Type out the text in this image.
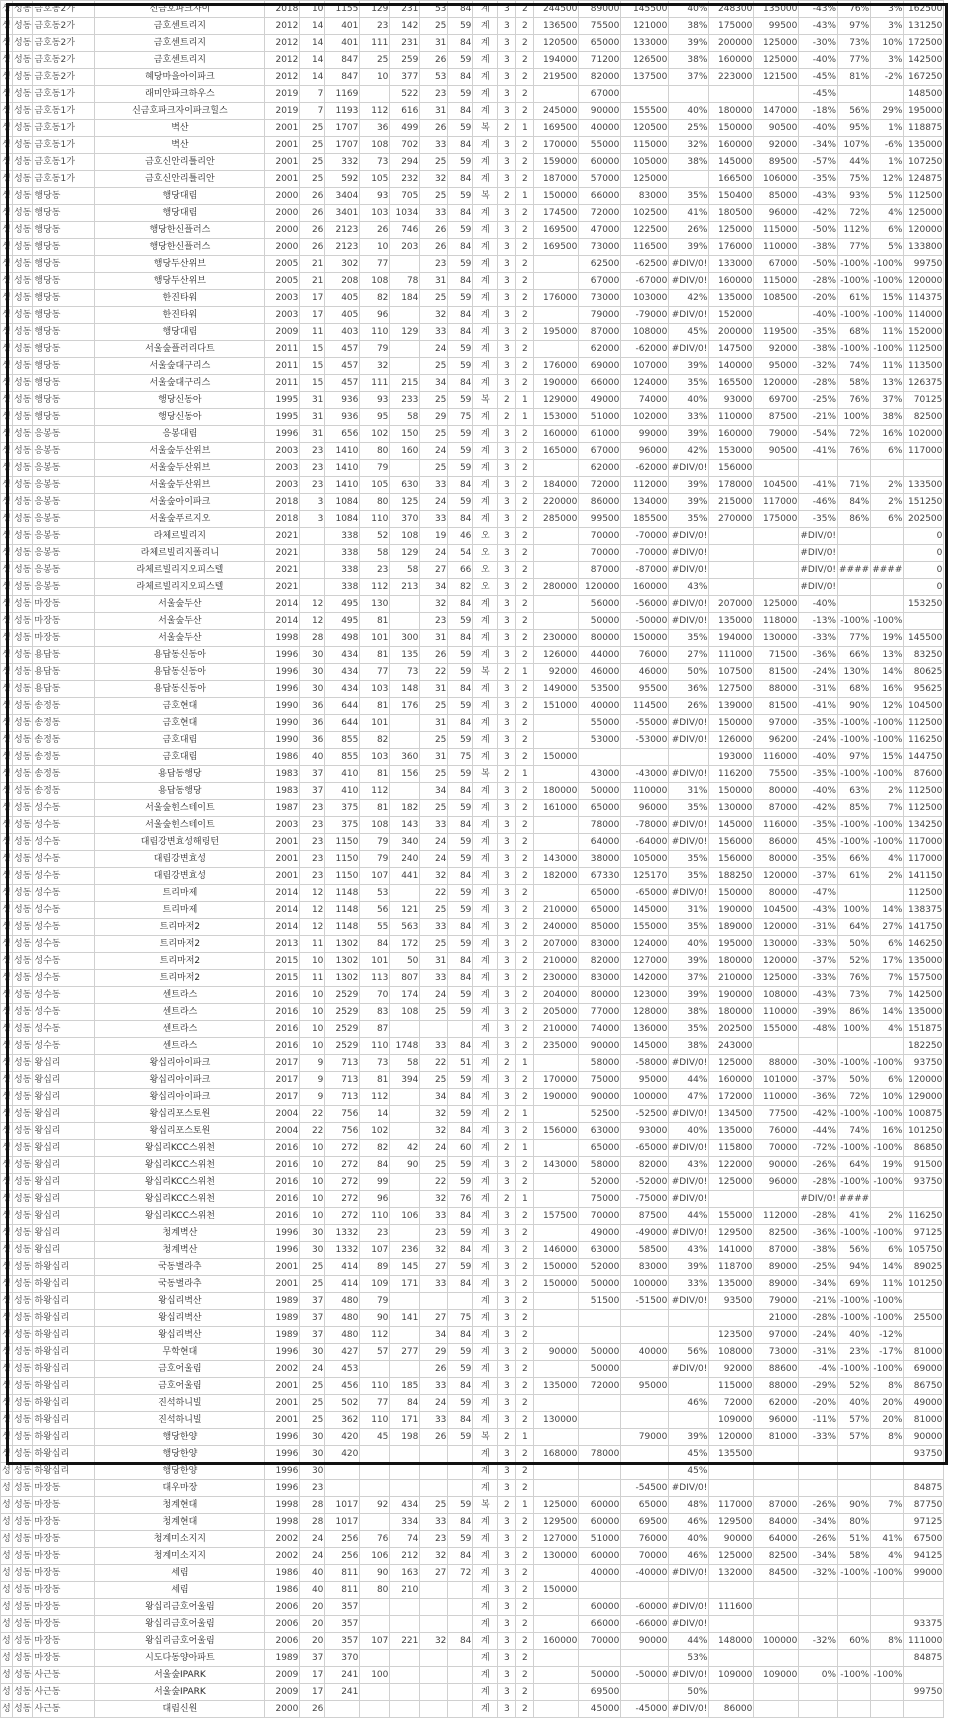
성	성동	금호동2가	신금호파크자이	2018	10	1155	129	231	53	84	계	3	2	244500	89000	145500	40%	248300	135000	-43%	76%	3%	162500
성	성동	금호동2가	금호센트리지	2012	14	401	23	142	25	59	계	3	2	136500	75500	121000	38%	175000	99500	-43%	97%	3%	131250
성	성동	금호동2가	금호센트리지	2012	14	401	111	231	31	84	계	3	2	120500	65000	133000	39%	200000	125000	-30%	73%	10%	172500
성	성동	금호동2가	금호센트리지	2012	14	847	25	259	26	59	계	3	2	194000	71200	126500	38%	160000	125000	-40%	77%	3%	142500
성	성동	금호동2가	혜당마을아이파크	2012	14	847	10	377	53	84	계	3	2	219500	82000	137500	37%	223000	121500	-45%	81%	-2%	167250
성	성동	금호동1가	래미안파크하우스	2019	7	1169		522	23	59	계	3	2		67000					-45%			148500
성	성동	금호동1가	신금호파크자이파크힐스	2019	7	1193	112	616	31	84	계	3	2	245000	90000	155500	40%	180000	147000	-18%	56%	29%	195000
성	성동	금호동1가	벽산	2001	25	1707	36	499	26	59	복	2	1	169500	40000	120500	25%	150000	90500	-40%	95%	1%	118875
성	성동	금호동1가	벽산	2001	25	1707	108	702	33	84	계	3	2	170000	55000	115000	32%	160000	92000	-34%	107%	-6%	135000
성	성동	금호동1가	금호신안리틀리안	2001	25	332	73	294	25	59	계	3	2	159000	60000	105000	38%	145000	89500	-57%	44%	1%	107250
성	성동	금호동1가	금호신안리틀리안	2001	25	592	105	232	32	84	계	3	2	187000	57000	125000		166500	106000	-35%	75%	12%	124875
성	성동	행당동	행당대림	2000	26	3404	93	705	25	59	복	2	1	150000	66000	83000	35%	150400	85000	-43%	93%	5%	112500
성	성동	행당동	행당대림	2000	26	3401	103	1034	33	84	계	3	2	174500	72000	102500	41%	180500	96000	-42%	72%	4%	125000
성	성동	행당동	행당한신플러스	2000	26	2123	26	746	26	59	계	3	2	169500	47000	122500	26%	125000	115000	-50%	112%	6%	120000
성	성동	행당동	행당한신플러스	2000	26	2123	10	203	26	84	계	3	2	169500	73000	116500	39%	176000	110000	-38%	77%	5%	133800
성	성동	행당동	행당두산위브	2005	21	302	77		23	59	계	3	2		62500	-62500	#DIV/0!	133000	67000	-50%	-100%	-100%	99750
성	성동	행당동	행당두산위브	2005	21	208	108	78	31	84	계	3	2		67000	-67000	#DIV/0!	160000	115000	-28%	-100%	-100%	120000
성	성동	행당동	한진타워	2003	17	405	82	184	25	59	계	3	2	176000	73000	103000	42%	135000	108500	-20%	61%	15%	114375
성	성동	행당동	한진타워	2003	17	405	96		32	84	계	3	2		79000	-79000	#DIV/0!	152000		-40%	-100%	-100%	114000
성	성동	행당동	행당대림	2009	11	403	110	129	33	84	계	3	2	195000	87000	108000	45%	200000	119500	-35%	68%	11%	152000
성	성동	행당동	서울숲플러리다트	2011	15	457	79		24	59	계	3	2		62000	-62000	#DIV/0!	147500	92000	-38%	-100%	-100%	112500
성	성동	행당동	서울숲대구리스	2011	15	457	32		25	59	계	3	2	176000	69000	107000	39%	140000	95000	-32%	74%	11%	113500
성	성동	행당동	서울숲대구리스	2011	15	457	111	215	34	84	계	3	2	190000	66000	124000	35%	165500	120000	-28%	58%	13%	126375
성	성동	행당동	행당신동아	1995	31	936	93	233	25	59	복	2	1	129000	49000	74000	40%	93000	69700	-25%	76%	37%	70125
성	성동	행당동	행당신동아	1995	31	936	95	58	29	75	계	2	1	153000	51000	102000	33%	110000	87500	-21%	100%	38%	82500
성	성동	응봉동	응봉대림	1996	31	656	102	150	25	59	계	3	2	160000	61000	99000	39%	160000	79000	-54%	72%	16%	102000
성	성동	응봉동	서울숲두산위브	2003	23	1410	80	160	24	59	계	3	2	165000	67000	96000	42%	153000	90500	-41%	76%	6%	117000
성	성동	응봉동	서울숲두산위브	2003	23	1410	79		25	59	계	3	2		62000	-62000	#DIV/0!	156000					
성	성동	응봉동	서울숲두산위브	2003	23	1410	105	630	33	84	계	3	2	184000	72000	112000	39%	178000	104500	-41%	71%	2%	133500
성	성동	응봉동	서울숲아이파크	2018	3	1084	80	125	24	59	계	3	2	220000	86000	134000	39%	215000	117000	-46%	84%	2%	151250
성	성동	응봉동	서울숲푸르지오	2018	3	1084	110	370	33	84	계	3	2	285000	99500	185500	35%	270000	175000	-35%	86%	6%	202500
성	성동	응봉동	라체르빌리지	2021		338	52	108	19	46	오	3	2		70000	-70000	#DIV/0!			#DIV/0!			0
성	성동	응봉동	라체르빌리지폴리니	2021		338	58	129	24	54	오	3	2		70000	-70000	#DIV/0!			#DIV/0!			0
성	성동	응봉동	라체르빌리지오피스텔	2021		338	23	58	27	66	오	3	2		87000	-87000	#DIV/0!			#DIV/0!	####	####	0
성	성동	응봉동	라체르빌리지오피스텔	2021		338	112	213	34	82	오	3	2	280000	120000	160000	43%			#DIV/0!			0
성	성동	마장동	서울숲두산	2014	12	495	130		32	84	계	3	2		56000	-56000	#DIV/0!	207000	125000	-40%			153250
성	성동	마장동	서울숲두산	2014	12	495	81		23	59	계	3	2		50000	-50000	#DIV/0!	135000	118000	-13%	-100%	-100%	
성	성동	마장동	서울숲두산	1998	28	498	101	300	31	84	계	3	2	230000	80000	150000	35%	194000	130000	-33%	77%	19%	145500
성	성동	용답동	용답동신동아	1996	30	434	81	135	26	59	계	3	2	126000	44000	76000	27%	111000	71500	-36%	66%	13%	83250
성	성동	용답동	용답동신동아	1996	30	434	77	73	22	59	복	2	1	92000	46000	46000	50%	107500	81500	-24%	130%	14%	80625
성	성동	용답동	용답동신동아	1996	30	434	103	148	31	84	계	3	2	149000	53500	95500	36%	127500	88000	-31%	68%	16%	95625
성	성동	송정동	금호현대	1990	36	644	81	176	25	59	계	3	2	151000	40000	114500	26%	139000	81500	-41%	90%	12%	104500
성	성동	송정동	금호현대	1990	36	644	101		31	84	계	3	2		55000	-55000	#DIV/0!	150000	97000	-35%	-100%	-100%	112500
성	성동	송정동	금호대림	1990	36	855	82		25	59	계	3	2		53000	-53000	#DIV/0!	126000	96200	-24%	-100%	-100%	116250
성	성동	송정동	금호대림	1986	40	855	103	360	31	75	계	3	2	150000				193000	116000	-40%	97%	15%	144750
성	성동	송정동	용답동행당	1983	37	410	81	156	25	59	복	2	1		43000	-43000	#DIV/0!	116200	75500	-35%	-100%	-100%	87600
성	성동	송정동	용답동행당	1983	37	410	112		34	84	계	3	2	180000	50000	110000	31%	150000	80000	-40%	63%	2%	112500
성	성동	성수동	서울숲힌스테이트	1987	23	375	81	182	25	59	계	3	2	161000	65000	96000	35%	130000	87000	-42%	85%	7%	112500
성	성동	성수동	서울숲힌스테이트	2003	23	375	108	143	33	84	계	3	2		78000	-78000	#DIV/0!	145000	116000	-35%	-100%	-100%	134250
성	성동	성수동	대림강변효성해링턴	2001	23	1150	79	340	24	59	계	3	2		64000	-64000	#DIV/0!	156000	86000	45%	-100%	-100%	117000
성	성동	성수동	대림강변효성	2001	23	1150	79	240	24	59	계	3	2	143000	38000	105000	35%	156000	80000	-35%	66%	4%	117000
성	성동	성수동	대림강변효성	2001	23	1150	107	441	32	84	계	3	2	182000	67330	125170	35%	188250	120000	-37%	61%	2%	141150
성	성동	성수동	트리마제	2014	12	1148	53		22	59	계	3	2		65000	-65000	#DIV/0!	150000	80000	-47%			112500
성	성동	성수동	트리마제	2014	12	1148	56	121	25	59	계	3	2	210000	65000	145000	31%	190000	104500	-43%	100%	14%	138375
성	성동	성수동	트리마저2	2014	12	1148	55	563	33	84	계	3	2	240000	85000	155000	35%	189000	120000	-31%	64%	27%	141750
성	성동	성수동	트리마저2	2013	11	1302	84	172	25	59	계	3	2	207000	83000	124000	40%	195000	130000	-33%	50%	6%	146250
성	성동	성수동	트리마저2	2015	10	1302	101	50	31	84	계	3	2	210000	82000	127000	39%	180000	120000	-37%	52%	17%	135000
성	성동	성수동	트리마저2	2015	11	1302	113	807	33	84	계	3	2	230000	83000	142000	37%	210000	125000	-33%	76%	7%	157500
성	성동	성수동	센트라스	2016	10	2529	70	174	24	59	계	3	2	204000	80000	123000	39%	190000	108000	-43%	73%	7%	142500
성	성동	성수동	센트라스	2016	10	2529	83	108	25	59	계	3	2	205000	77000	128000	38%	180000	110000	-39%	86%	14%	135000
성	성동	성수동	센트라스	2016	10	2529	87				계	3	2	210000	74000	136000	35%	202500	155000	-48%	100%	4%	151875
성	성동	성수동	센트라스	2016	10	2529	110	1748	33	84	계	3	2	235000	90000	145000	38%	243000					182250
성	성동	왕십리	왕십리아이파크	2017	9	713	73	58	22	51	계	2	1		58000	-58000	#DIV/0!	125000	88000	-30%	-100%	-100%	93750
성	성동	왕십리	왕십리아이파크	2017	9	713	81	394	25	59	계	3	2	170000	75000	95000	44%	160000	101000	-37%	50%	6%	120000
성	성동	왕십리	왕십리아이파크	2017	9	713	112		34	84	계	3	2	190000	90000	100000	47%	172000	110000	-36%	72%	10%	129000
성	성동	왕십리	왕십리포스토원	2004	22	756	14		32	59	계	2	1		52500	-52500	#DIV/0!	134500	77500	-42%	-100%	-100%	100875
성	성동	왕십리	왕십리포스토원	2004	22	756	102		32	84	계	3	2	156000	63000	93000	40%	135000	76000	-44%	74%	16%	101250
성	성동	왕십리	왕십리KCC스위천	2016	10	272	82	42	24	60	계	2	1		65000	-65000	#DIV/0!	115800	70000	-72%	-100%	-100%	86850
성	성동	왕십리	왕십리KCC스위천	2016	10	272	84	90	25	59	계	3	2	143000	58000	82000	43%	122000	90000	-26%	64%	19%	91500
성	성동	왕십리	왕십리KCC스위천	2016	10	272	99		22	59	계	3	2		52000	-52000	#DIV/0!	125000	96000	-28%	-100%	-100%	93750
성	성동	왕십리	왕십리KCC스위천	2016	10	272	96		32	76	계	2	1		75000	-75000	#DIV/0!			#DIV/0!	####		
성	성동	왕십리	왕십리KCC스위천	2016	10	272	110	106	33	84	계	3	2	157500	70000	87500	44%	155000	112000	-28%	41%	2%	116250
성	성동	왕십리	청계벽산	1996	30	1332	23		23	59	계	3	2		49000	-49000	#DIV/0!	129500	82500	-36%	-100%	-100%	97125
성	성동	왕십리	청계벽산	1996	30	1332	107	236	32	84	계	3	2	146000	63000	58500	43%	141000	87000	-38%	56%	6%	105750
성	성동	하왕십리	국동별라추	2001	25	414	89	145	27	59	계	3	2	150000	52000	83000	39%	118700	89000	-25%	94%	14%	89025
성	성동	하왕십리	국동별라추	2001	25	414	109	171	33	84	계	3	2	150000	50000	100000	33%	135000	89000	-34%	69%	11%	101250
성	성동	하왕십리	왕십리벽산	1989	37	480	79				계	3	2		51500	-51500	#DIV/0!	93500	79000	-21%	-100%	-100%	
성	성동	하왕십리	왕십리벽산	1989	37	480	90	141	27	75	계	3	2						21000	-28%	-100%	-100%	25500
성	성동	하왕십리	왕십리벽산	1989	37	480	112		34	84	계	3	2					123500	97000	-24%	40%	-12%	
성	성동	하왕십리	무학현대	1996	30	427	57	277	29	59	계	3	2	90000	50000	40000	56%	108000	73000	-31%	23%	-17%	81000
성	성동	하왕십리	금호어울림	2002	24	453			26	59	계	3	2		50000		#DIV/0!	92000	88600	-4%	-100%	-100%	69000
성	성동	하왕십리	금호어울림	2001	25	456	110	185	33	84	계	3	2	135000	72000	95000		115000	88000	-29%	52%	8%	86750
성	성동	하왕십리	진석하니빌	2001	25	502	77	84	24	59	계	3	2				46%	72000	62000	-20%	40%	20%	49000
성	성동	하왕십리	진석하니빌	2001	25	362	110	171	33	84	계	3	2	130000				109000	96000	-11%	57%	20%	81000
성	성동	하왕십리	행당한양	1996	30	420	45	198	26	59	복	2	1			79000	39%	120000	81000	-33%	57%	8%	90000
성	성동	하왕십리	행당한양	1996	30	420					계	3	2	168000	78000		45%	135500					93750
성	성동	하왕십리	행당한양	1996	30						계	3	2				45%						
성	성동	마장동	대우마장	1996	23						계	3	2			-54500	#DIV/0!						84875
성	성동	마장동	청계현대	1998	28	1017	92	434	25	59	복	2	1	125000	60000	65000	48%	117000	87000	-26%	90%	7%	87750
성	성동	마장동	청계현대	1998	28	1017		334	33	84	계	3	2	129500	60000	69500	46%	129500	84000	-34%	80%		97125
성	성동	마장동	청계미소지지	2002	24	256	76	74	23	59	계	3	2	127000	51000	76000	40%	90000	64000	-26%	51%	41%	67500
성	성동	마장동	청계미소지지	2002	24	256	106	212	32	84	계	3	2	130000	60000	70000	46%	125000	82500	-34%	58%	4%	94125
성	성동	마장동	세림	1986	40	811	90	163	27	72	계	3	2		40000	-40000	#DIV/0!	132000	84500	-32%	-100%	-100%	99000
성	성동	마장동	세림	1986	40	811	80	210			계	3	2	150000									
성	성동	마장동	왕십리금호어울림	2006	20	357					계	3	2		60000	-60000	#DIV/0!	111600					
성	성동	마장동	왕십리금호어울림	2006	20	357					계	3	2		66000	-66000	#DIV/0!						93375
성	성동	마장동	왕십리금호어울림	2006	20	357	107	221	32	84	계	3	2	160000	70000	90000	44%	148000	100000	-32%	60%	8%	111000
성	성동	마장동	시도다동양아파트	1989	37	370					계	3	2				53%						84875
성	성동	사근동	서울숲IPARK	2009	17	241	100				계	3	2		50000	-50000	#DIV/0!	109000	109000	0%	-100%	-100%	
성	성동	사근동	서울숲IPARK	2009	17	241					계	3	2		69500		50%						99750
성	성동	사근동	대림신원	2000	26						계	3	2		45000	-45000	#DIV/0!	86000					
